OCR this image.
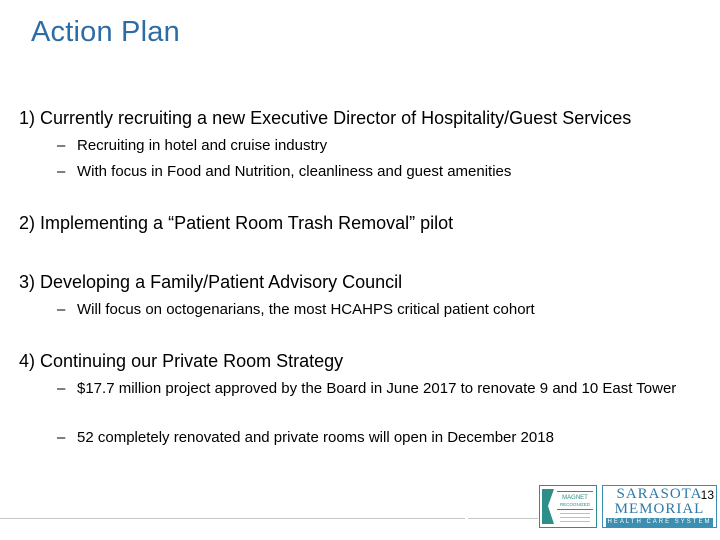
Action Plan
1) Currently recruiting a new Executive Director of Hospitality/Guest Services
– Recruiting in hotel and cruise industry
– With focus in Food and Nutrition, cleanliness and guest amenities
2) Implementing a “Patient Room Trash Removal” pilot
3) Developing a Family/Patient Advisory Council
– Will focus on octogenarians, the most HCAHPS critical patient cohort
4) Continuing our Private Room Strategy
– $17.7 million project approved by the Board in June 2017 to renovate 9 and 10 East Tower
– 52 completely renovated and private rooms will open in December 2018
MAGNET
RECOGNIZED
SARASOTA
MEMORIAL
HEALTH CARE SYSTEM
13
